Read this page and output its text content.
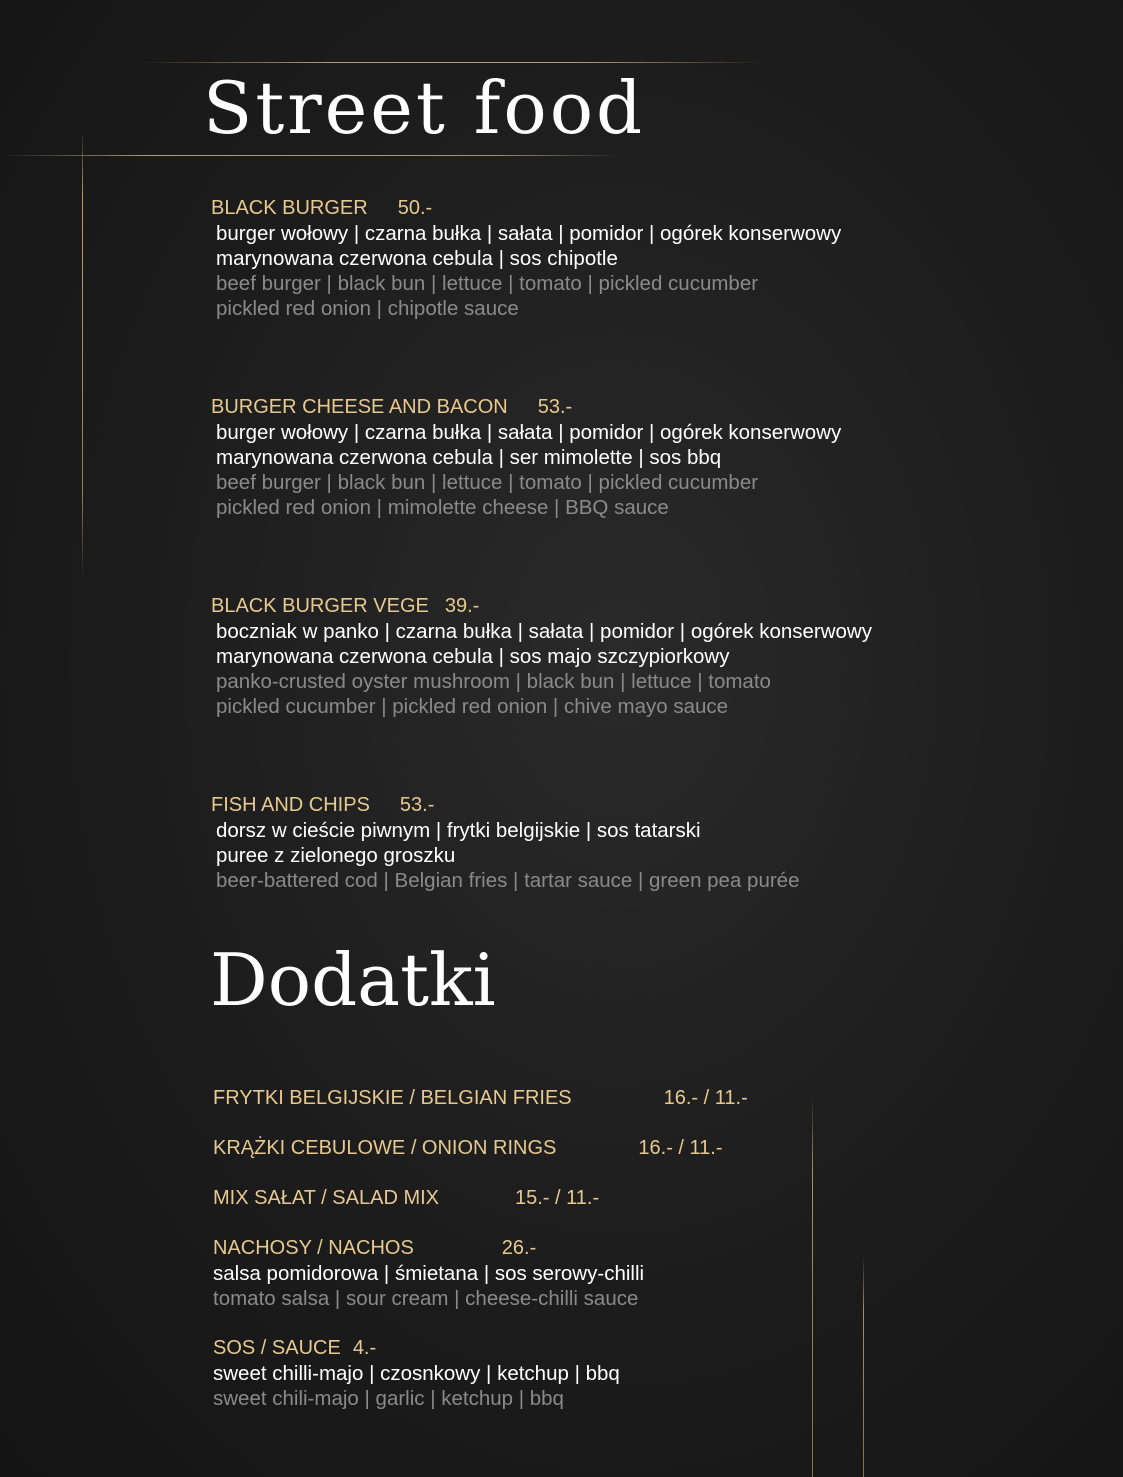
Street food
BLACK BURGER 50.-
burger wołowy | czarna bułka | sałata | pomidor | ogórek konserwowy
marynowana czerwona cebula | sos chipotle
beef burger | black bun | lettuce | tomato | pickled cucumber
pickled red onion | chipotle sauce
BURGER CHEESE AND BACON 53.-
burger wołowy | czarna bułka | sałata | pomidor | ogórek konserwowy
marynowana czerwona cebula | ser mimolette | sos bbq
beef burger | black bun | lettuce | tomato | pickled cucumber
pickled red onion | mimolette cheese | BBQ sauce
BLACK BURGER VEGE 39.-
boczniak w panko | czarna bułka | sałata | pomidor | ogórek konserwowy
marynowana czerwona cebula | sos majo szczypiorkowy
panko-crusted oyster mushroom | black bun | lettuce | tomato
pickled cucumber | pickled red onion | chive mayo sauce
FISH AND CHIPS 53.-
dorsz w cieście piwnym | frytki belgijskie | sos tatarski
puree z zielonego groszku
beer-battered cod | Belgian fries | tartar sauce | green pea purée
Dodatki
FRYTKI BELGIJSKIE / BELGIAN FRIES	16.- / 11.-
KRĄŻKI CEBULOWE / ONION RINGS	16.- / 11.-
MIX SAŁAT / SALAD MIX	15.- / 11.-
NACHOSY / NACHOS	26.-
salsa pomidorowa | śmietana | sos serowy-chilli
tomato salsa | sour cream | cheese-chilli sauce
SOS / SAUCE 4.-
sweet chilli-majo | czosnkowy | ketchup | bbq
sweet chili-majo | garlic | ketchup | bbq
